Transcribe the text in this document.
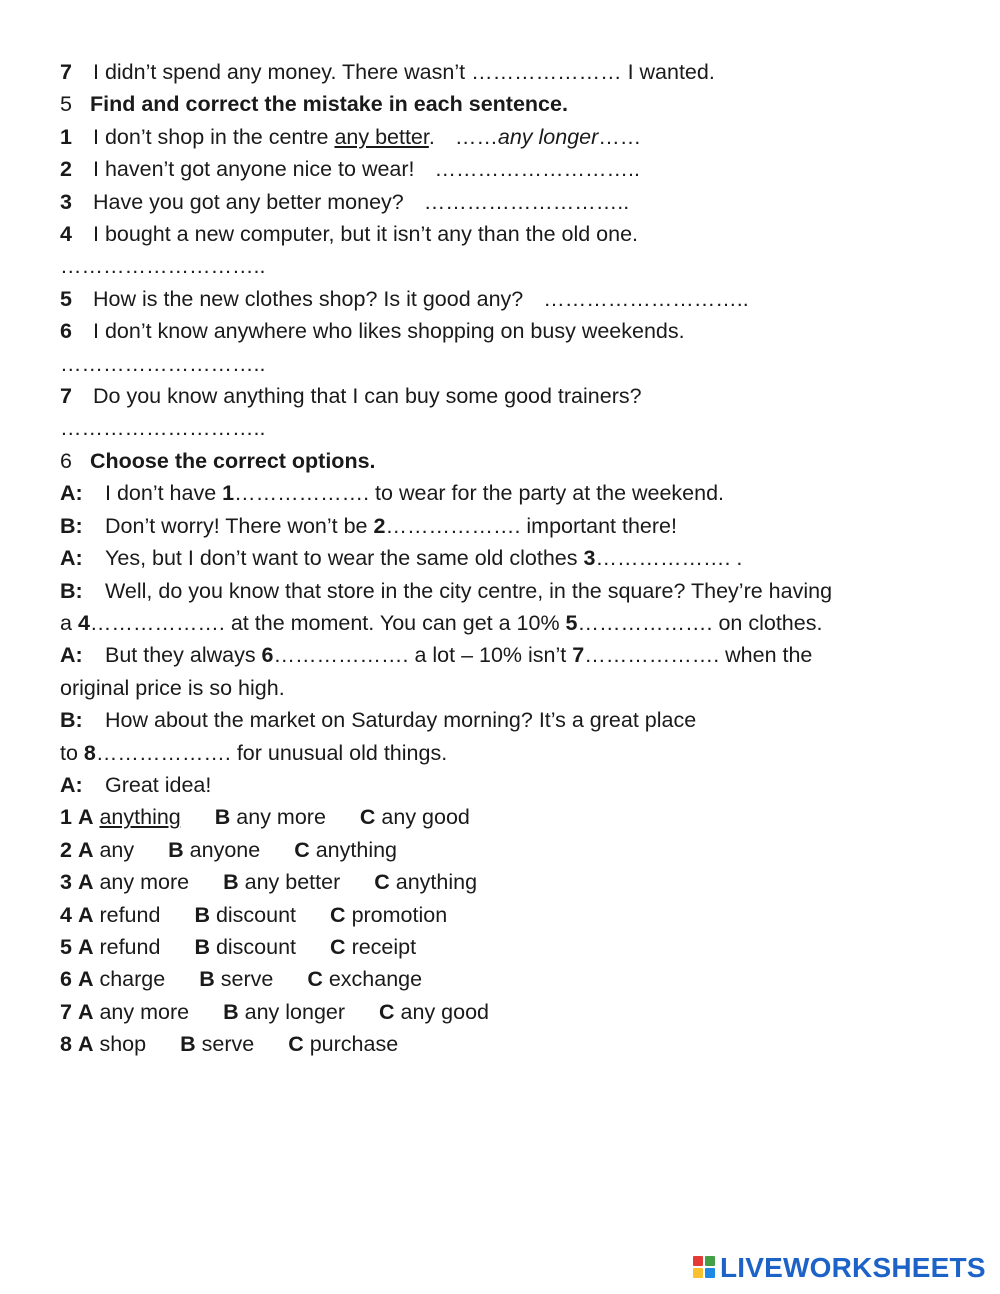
7 I didn’t spend any money. There wasn’t ………………… I wanted.
5 Find and correct the mistake in each sentence.
1 I don’t shop in the centre any better. ……any longer……
2 I haven’t got anyone nice to wear! ………………………..
3 Have you got any better money? ………………………..
4 I bought a new computer, but it isn’t any than the old one.
………………………..
5 How is the new clothes shop? Is it good any? ………………………..
6 I don’t know anywhere who likes shopping on busy weekends.
………………………..
7 Do you know anything that I can buy some good trainers?
………………………..
6 Choose the correct options.
A: I don’t have 1………………. to wear for the party at the weekend.
B: Don’t worry! There won’t be 2………………. important there!
A: Yes, but I don’t want to wear the same old clothes 3………………. .
B: Well, do you know that store in the city centre, in the square? They’re having
a 4………………. at the moment. You can get a 10% 5………………. on clothes.
A: But they always 6………………. a lot – 10% isn’t 7………………. when the
original price is so high.
B: How about the market on Saturday morning? It’s a great place
to 8………………. for unusual old things.
A: Great idea!
1 A anything B any more C any good
2 A any B anyone C anything
3 A any more B any better C anything
4 A refund B discount C promotion
5 A refund B discount C receipt
6 A charge B serve C exchange
7 A any more B any longer C any good
8 A shop B serve C purchase
LIVEWORKSHEETS
